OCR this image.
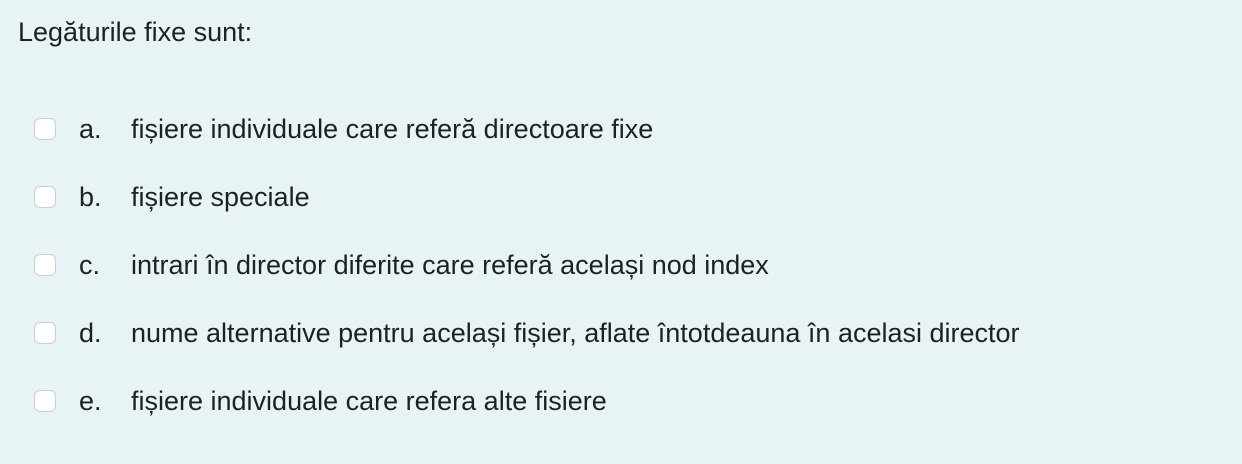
Legăturile fixe sunt:
a.	fișiere individuale care referă directoare fixe
b.	fișiere speciale
c.	intrari în director diferite care referă același nod index
d.	nume alternative pentru același fișier, aflate întotdeauna în acelasi director
e.	fișiere individuale care refera alte fisiere
